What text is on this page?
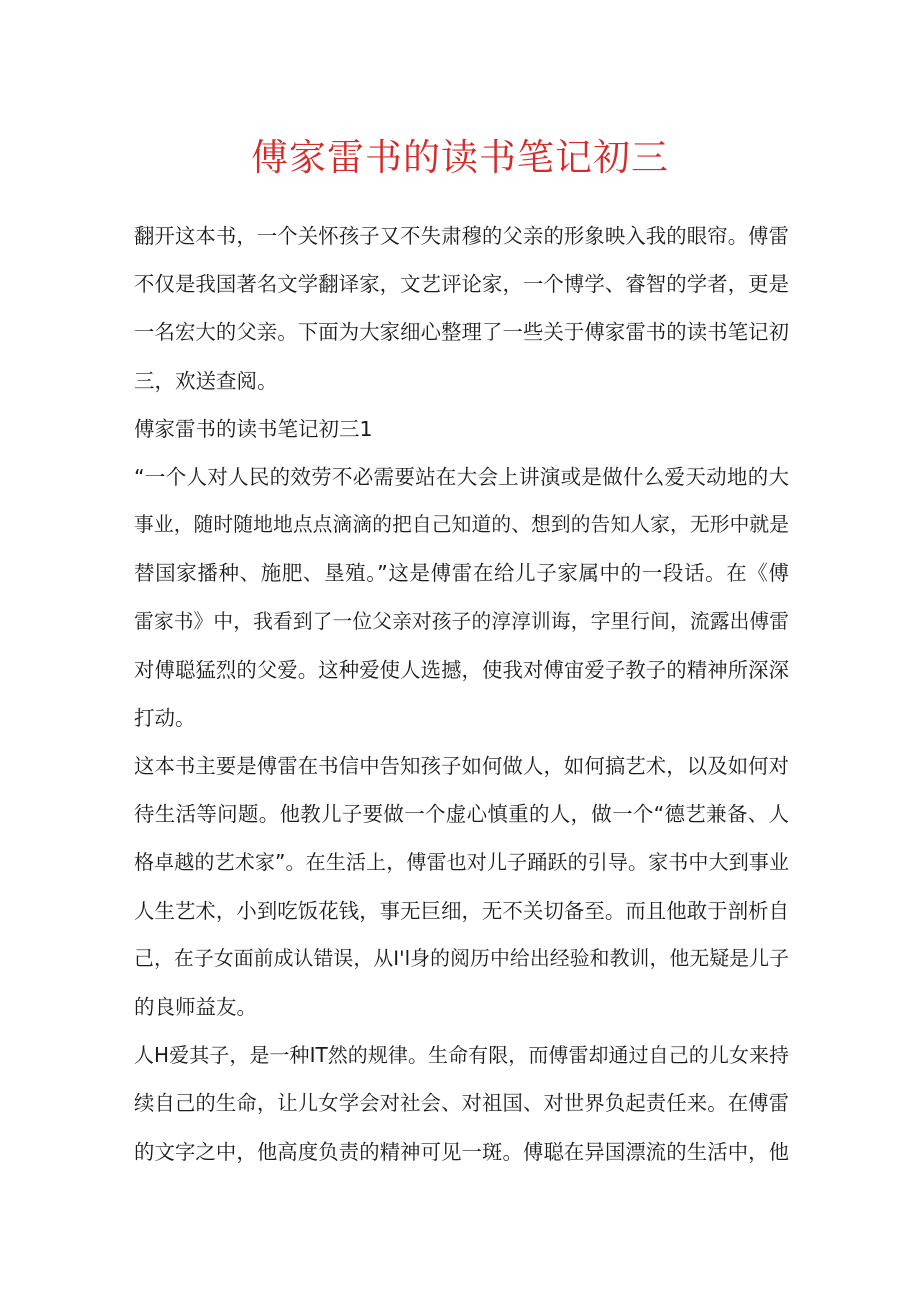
傅家雷书的读书笔记初三
翻开这本书，一个关怀孩子又不失肃穆的父亲的形象映入我的眼帘。傅雷
不仅是我国著名文学翻译家，文艺评论家，一个博学、睿智的学者，更是
一名宏大的父亲。下面为大家细心整理了一些关于傅家雷书的读书笔记初
三，欢送查阅。
傅家雷书的读书笔记初三1
“一个人对人民的效劳不必需要站在大会上讲演或是做什么爱天动地的大
事业，随时随地地点点滴滴的把自己知道的、想到的告知人家，无形中就是
替国家播种、施肥、垦殖。”这是傅雷在给儿子家属中的一段话。在《傅
雷家书》中，我看到了一位父亲对孩子的淳淳训诲，字里行间，流露出傅雷
对傅聪猛烈的父爱。这种爱使人选撼，使我对傅宙爱子教子的精神所深深
打动。
这本书主要是傅雷在书信中告知孩子如何做人，如何搞艺术，以及如何对
待生活等问题。他教儿子要做一个虚心慎重的人，做一个“德艺兼备、人
格卓越的艺术家”。在生活上，傅雷也对儿子踊跃的引导。家书中大到事业
人生艺术，小到吃饭花钱，事无巨细，无不关切备至。而且他敢于剖析自
己，在子女面前成认错误，从I'l身的阅历中给出经验和教训，他无疑是儿子
的良师益友。
人H爱其子，是一种IT然的规律。生命有限，而傅雷却通过自己的儿女来持
续自己的生命，让儿女学会对社会、对祖国、对世界负起责任来。在傅雷
的文字之中，他高度负责的精神可见一斑。傅聪在异国漂流的生活中，他
